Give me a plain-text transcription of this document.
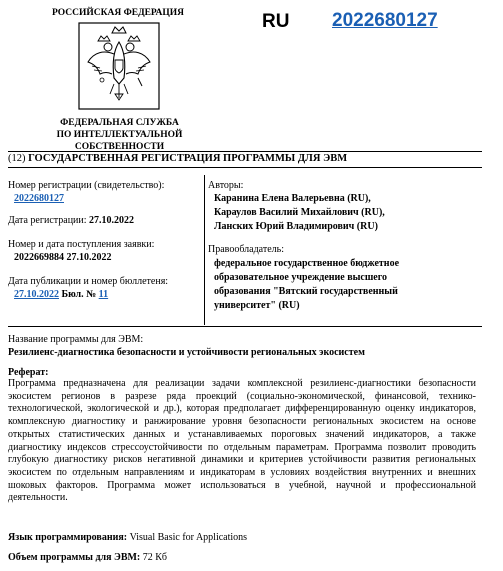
РОССИЙСКАЯ ФЕДЕРАЦИЯ
ФЕДЕРАЛЬНАЯ СЛУЖБА
ПО ИНТЕЛЛЕКТУАЛЬНОЙ СОБСТВЕННОСТИ
RU 2022680127
(12) ГОСУДАРСТВЕННАЯ РЕГИСТРАЦИЯ ПРОГРАММЫ ДЛЯ ЭВМ
Номер регистрации (свидетельство):
2022680127
Дата регистрации: 27.10.2022
Номер и дата поступления заявки:
2022669884 27.10.2022
Дата публикации и номер бюллетеня:
27.10.2022 Бюл. № 11
Авторы:
Каранина Елена Валерьевна (RU),
Караулов Василий Михайлович (RU),
Ланских Юрий Владимирович (RU)
Правообладатель:
федеральное государственное бюджетное
образовательное учреждение высшего
образования "Вятский государственный
университет" (RU)
Название программы для ЭВМ:
Резилиенс-диагностика безопасности и устойчивости региональных экосистем
Реферат:
Программа предназначена для реализации задачи комплексной резилиенс-диагностики безопасности экосистем регионов в разрезе ряда проекций (социально-экономической, финансовой, технико-технологической, экологической и др.), которая предполагает дифференцированную оценку индикаторов, комплексную диагностику и ранжирование уровня безопасности региональных экосистем на основе открытых статистических данных и устанавливаемых пороговых значений индикаторов, а также диагностику индексов стрессоустойчивости по отдельным параметрам. Программа позволит проводить глубокую диагностику рисков негативной динамики и критериев устойчивости развития региональных экосистем по отдельным направлениям и индикаторам в условиях воздействия внутренних и внешних шоковых факторов. Программа может использоваться в учебной, научной и профессиональной деятельности.
Язык программирования: Visual Basic for Applications
Объем программы для ЭВМ: 72 Кб
